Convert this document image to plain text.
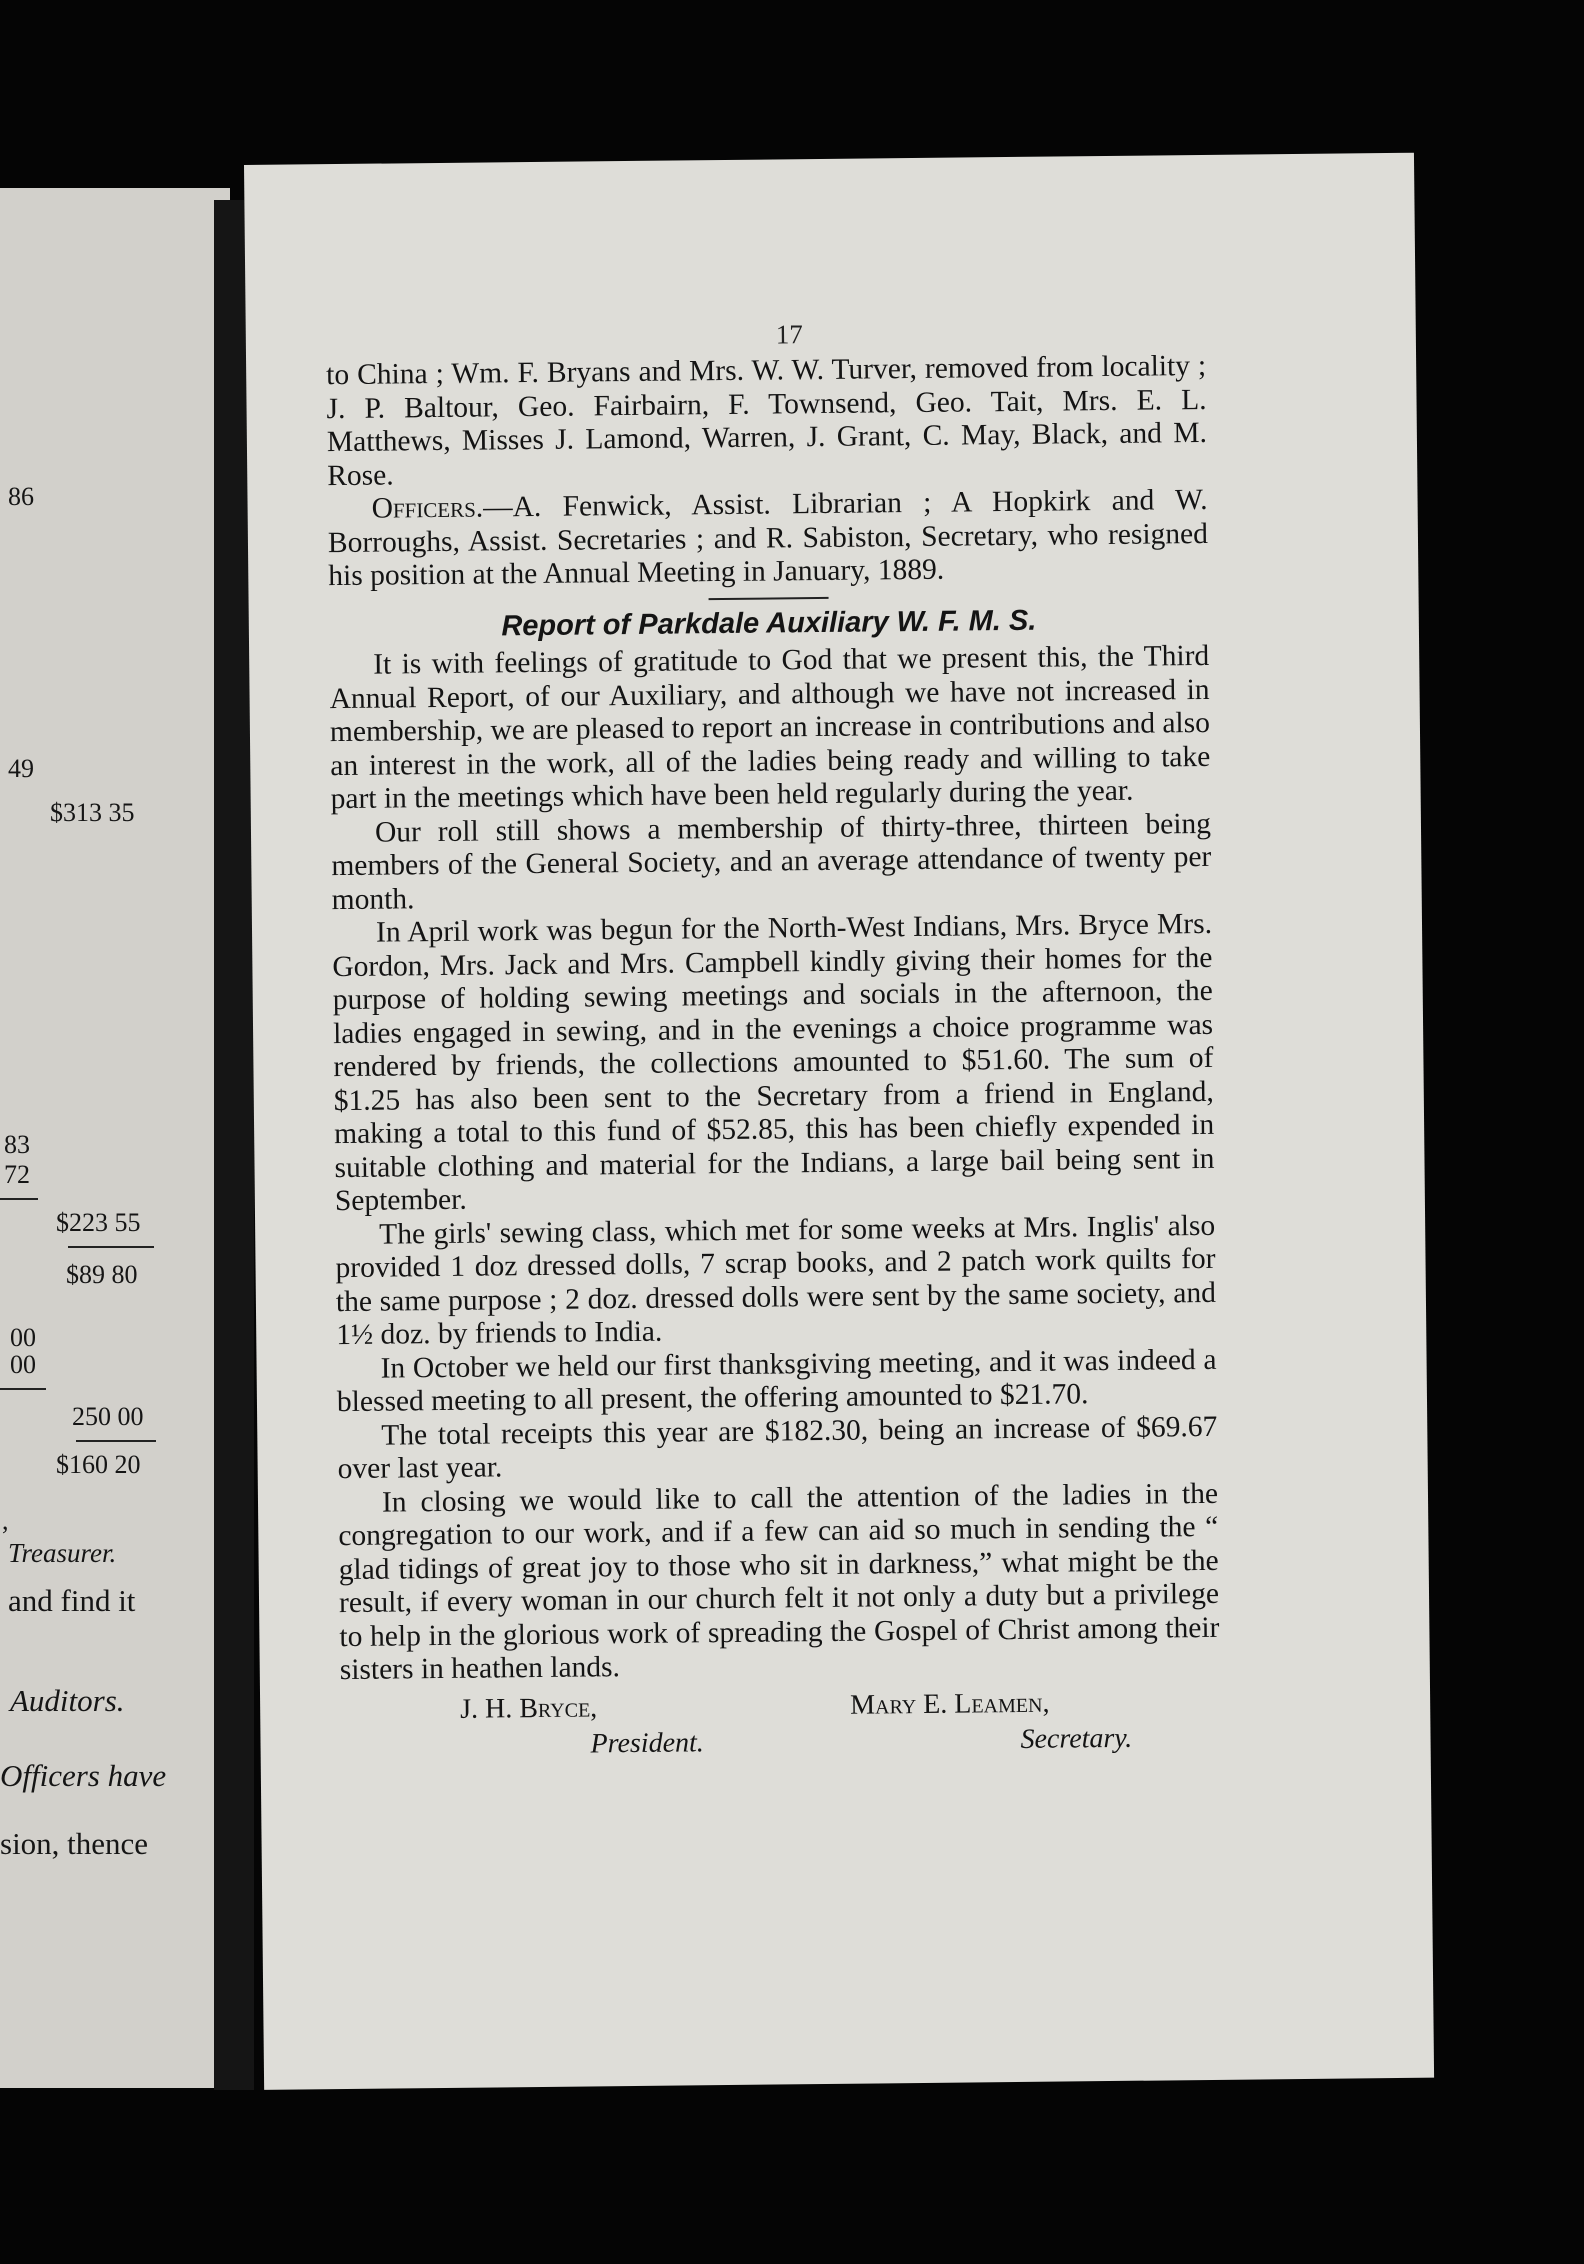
86
49
$313 35
83
72
$223 55
$89 80
00
00
250 00
$160 20
,
Treasurer.
and find it
Auditors.
Officers have
sion, thence
17

to China ; Wm. F. Bryans and Mrs. W. W. Turver, removed from locality ; J. P. Baltour, Geo. Fairbairn, F. Townsend, Geo. Tait, Mrs. E. L. Matthews, Misses J. Lamond, Warren, J. Grant, C. May, Black, and M. Rose.

Officers.—A. Fenwick, Assist. Librarian ; A Hopkirk and W. Borroughs, Assist. Secretaries ; and R. Sabiston, Secretary, who resigned his position at the Annual Meeting in January, 1889.

Report of Parkdale Auxiliary W. F. M. S.

It is with feelings of gratitude to God that we present this, the Third Annual Report, of our Auxiliary, and although we have not increased in membership, we are pleased to report an increase in contributions and also an interest in the work, all of the ladies being ready and willing to take part in the meetings which have been held regularly during the year.

Our roll still shows a membership of thirty-three, thirteen being members of the General Society, and an average attendance of twenty per month.

In April work was begun for the North-West Indians, Mrs. Bryce Mrs. Gordon, Mrs. Jack and Mrs. Campbell kindly giving their homes for the purpose of holding sewing meetings and socials in the afternoon, the ladies engaged in sewing, and in the evenings a choice programme was rendered by friends, the collections amounted to $51.60. The sum of $1.25 has also been sent to the Secretary from a friend in England, making a total to this fund of $52.85, this has been chiefly expended in suitable clothing and material for the Indians, a large bail being sent in September.

The girls' sewing class, which met for some weeks at Mrs. Inglis' also provided 1 doz dressed dolls, 7 scrap books, and 2 patch work quilts for the same purpose ; 2 doz. dressed dolls were sent by the same society, and 1½ doz. by friends to India.

In October we held our first thanksgiving meeting, and it was indeed a blessed meeting to all present, the offering amounted to $21.70.

The total receipts this year are $182.30, being an increase of $69.67 over last year.

In closing we would like to call the attention of the ladies in the congregation to our work, and if a few can aid so much in sending the “ glad tidings of great joy to those who sit in darkness,” what might be the result, if every woman in our church felt it not only a duty but a privilege to help in the glorious work of spreading the Gospel of Christ among their sisters in heathen lands.

J. H. Bryce,
President.
Mary E. Leamen,
Secretary.
